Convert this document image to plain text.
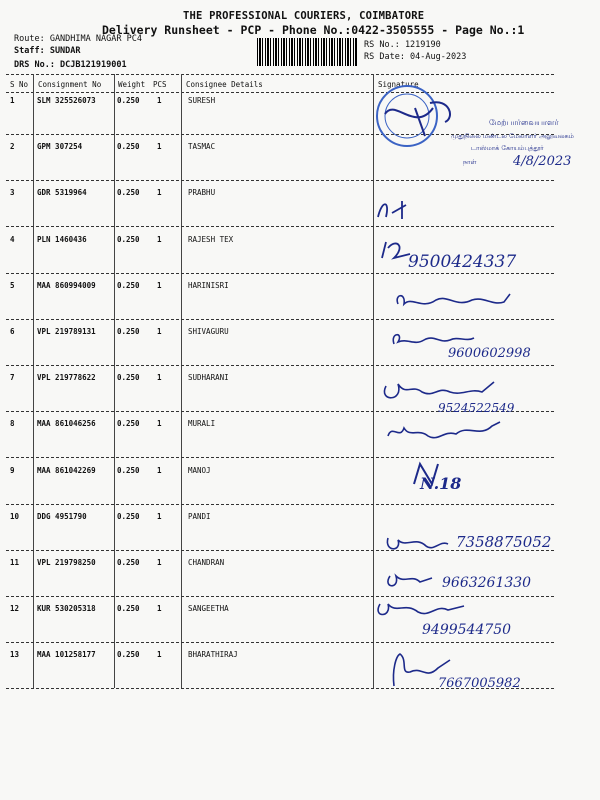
THE PROFESSIONAL COURIERS, COIMBATORE
Delivery Runsheet - PCP - Phone No.:0422-3505555 - Page No.:1
Route: GANDHIMA NAGAR PC4
Staff: SUNDAR
DRS No.: DCJB121919001
RS No.: 1219190
RS Date: 04-Aug-2023
S No Consignment No Weight PCS	Consignee Details	Signature
1	SLM 325526073	0.250 1	SURESH
2	GPM 307254	0.250 1	TASMAC
3	GDR 5319964	0.250 1	PRABHU
4	PLN 1460436	0.250 1	RAJESH TEX
5	MAA 860994009	0.250 1	HARINISRI
6	VPL 219789131	0.250 1	SHIVAGURU
7	VPL 219778622	0.250 1	SUDHARANI
8	MAA 861046256	0.250 1	MURALI
9	MAA 861042269	0.250 1	MANOJ
10 DDG 4951790	0.250 1	PANDI
11 VPL 219798250	0.250 1	CHANDRAN
12 KUR 530205318	0.250 1	SANGEETHA
13 MAA 101258177	0.250 1	BHARATHIRAJ
மேற்பார்வையாளர்
முதுநிலை மண்டல மேலாளர் அலுவலகம்
டாஸ்மாக் கோயம்புத்தூர்
நாள்	4/8/2023
9500424337
9600602998
9524522549
N.18
7358875052
9663261330
9499544750
7667005982
